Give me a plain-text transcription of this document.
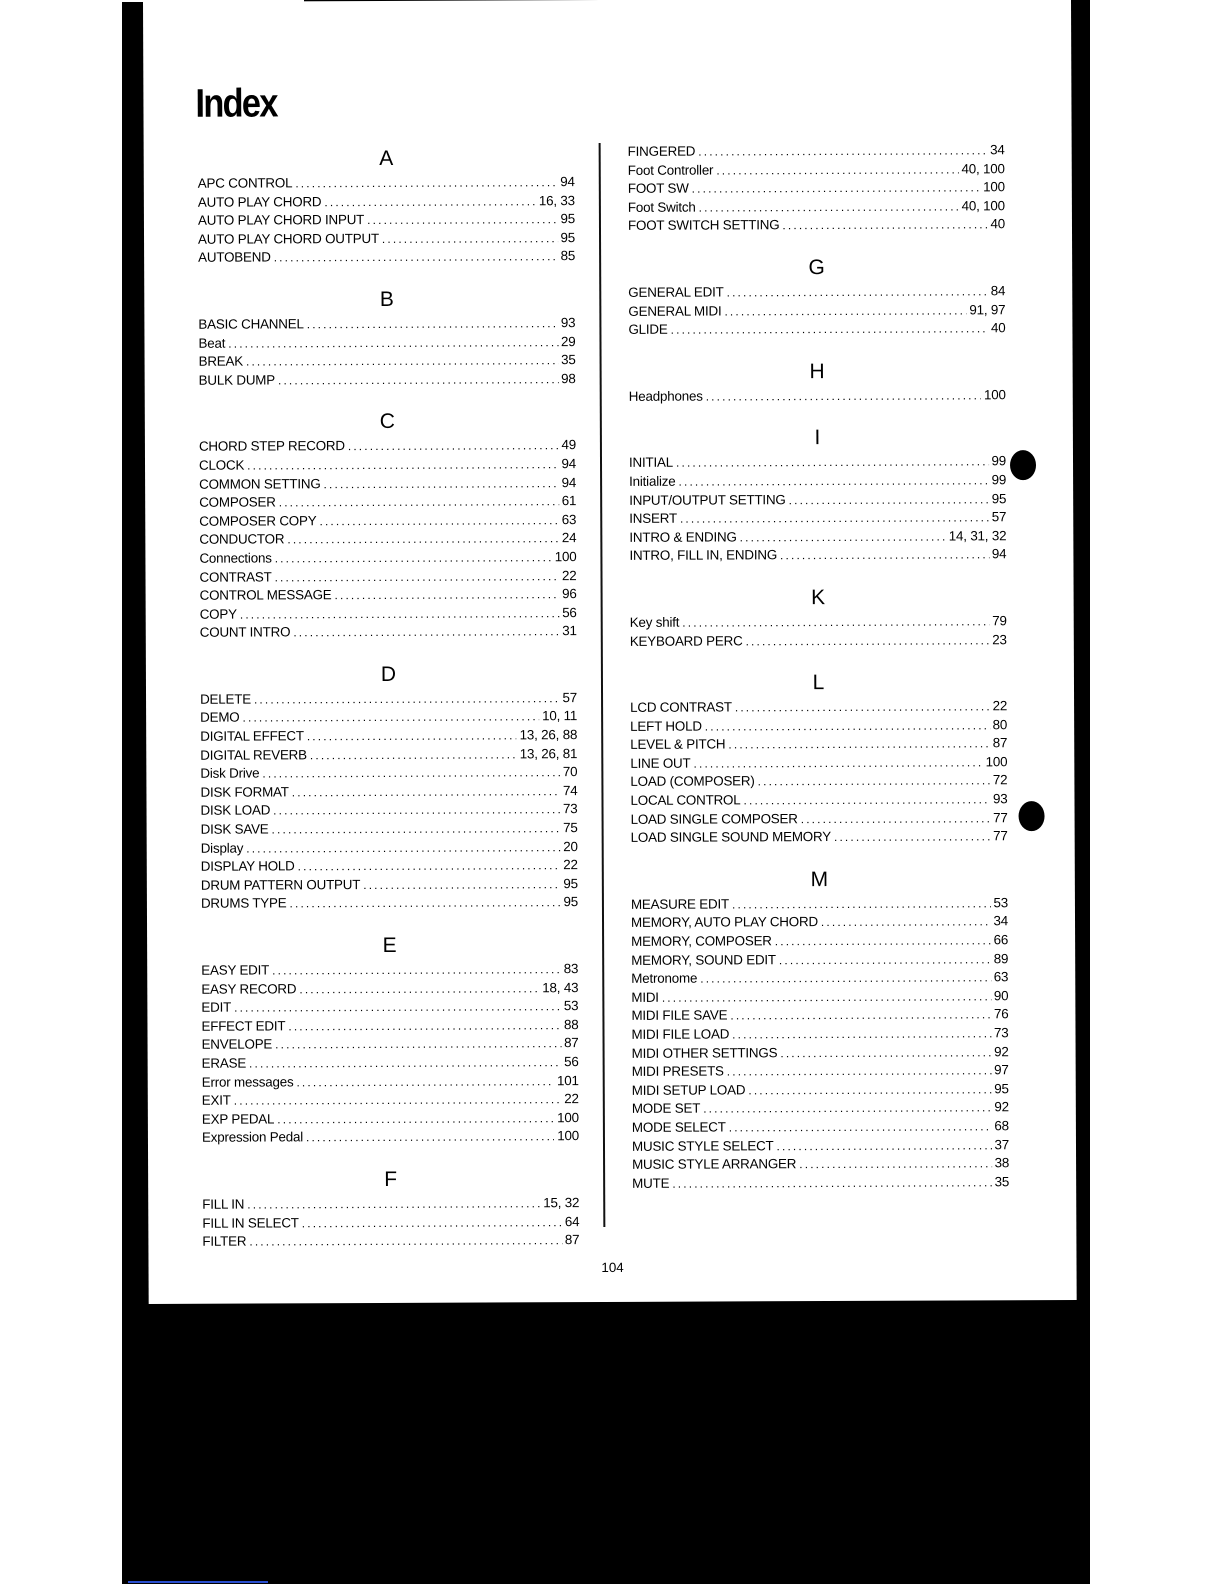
Index
A
APC CONTROL . . .	94
AUTO PLAY CHORD . . .	16, 33
AUTO PLAY CHORD INPUT . . .	95
AUTO PLAY CHORD OUTPUT . . .	95
AUTOBEND . . .	85
B
BASIC CHANNEL . . .	93
Beat . . .	29
BREAK . . .	35
BULK DUMP . . .	98
C
CHORD STEP RECORD . . .	49
CLOCK . . .	94
COMMON SETTING . . .	94
COMPOSER . . .	61
COMPOSER COPY . . .	63
CONDUCTOR . . .	24
Connections . . .	100
CONTRAST . . .	22
CONTROL MESSAGE . . .	96
COPY . . .	56
COUNT INTRO . . .	31
D
DELETE . . .	57
DEMO . . .	10, 11
DIGITAL EFFECT . . .	13, 26, 88
DIGITAL REVERB . . .	13, 26, 81
Disk Drive . . .	70
DISK FORMAT . . .	74
DISK LOAD . . .	73
DISK SAVE . . .	75
Display . . .	20
DISPLAY HOLD . . .	22
DRUM PATTERN OUTPUT . . .	95
DRUMS TYPE . . .	95
E
EASY EDIT . . .	83
EASY RECORD . . .	18, 43
EDIT . . .	53
EFFECT EDIT . . .	88
ENVELOPE . . .	87
ERASE . . .	56
Error messages . . .	101
EXIT . . .	22
EXP PEDAL . . .	100
Expression Pedal . . .	100
F
FILL IN . . .	15, 32
FILL IN SELECT . . .	64
FILTER . . .	87
FINGERED . . .	34
Foot Controller . . .	40, 100
FOOT SW . . .	100
Foot Switch . . .	40, 100
FOOT SWITCH SETTING . . .	40
G
GENERAL EDIT . . .	84
GENERAL MIDI . . .	91, 97
GLIDE . . .	40
H
Headphones . . .	100
I
INITIAL . . .	99
Initialize . . .	99
INPUT/OUTPUT SETTING . . .	95
INSERT . . .	57
INTRO & ENDING . . .	14, 31, 32
INTRO, FILL IN, ENDING . . .	94
K
Key shift . . .	79
KEYBOARD PERC . . .	23
L
LCD CONTRAST . . .	22
LEFT HOLD . . .	80
LEVEL & PITCH . . .	87
LINE OUT . . .	100
LOAD (COMPOSER) . . .	72
LOCAL CONTROL . . .	93
LOAD SINGLE COMPOSER . . .	77
LOAD SINGLE SOUND MEMORY . . .	77
M
MEASURE EDIT . . .	53
MEMORY, AUTO PLAY CHORD . . .	34
MEMORY, COMPOSER . . .	66
MEMORY, SOUND EDIT . . .	89
Metronome . . .	63
MIDI . . .	90
MIDI FILE SAVE . . .	76
MIDI FILE LOAD . . .	73
MIDI OTHER SETTINGS . . .	92
MIDI PRESETS . . .	97
MIDI SETUP LOAD . . .	95
MODE SET . . .	92
MODE SELECT . . .	68
MUSIC STYLE SELECT . . .	37
MUSIC STYLE ARRANGER . . .	38
MUTE . . .	35
104
